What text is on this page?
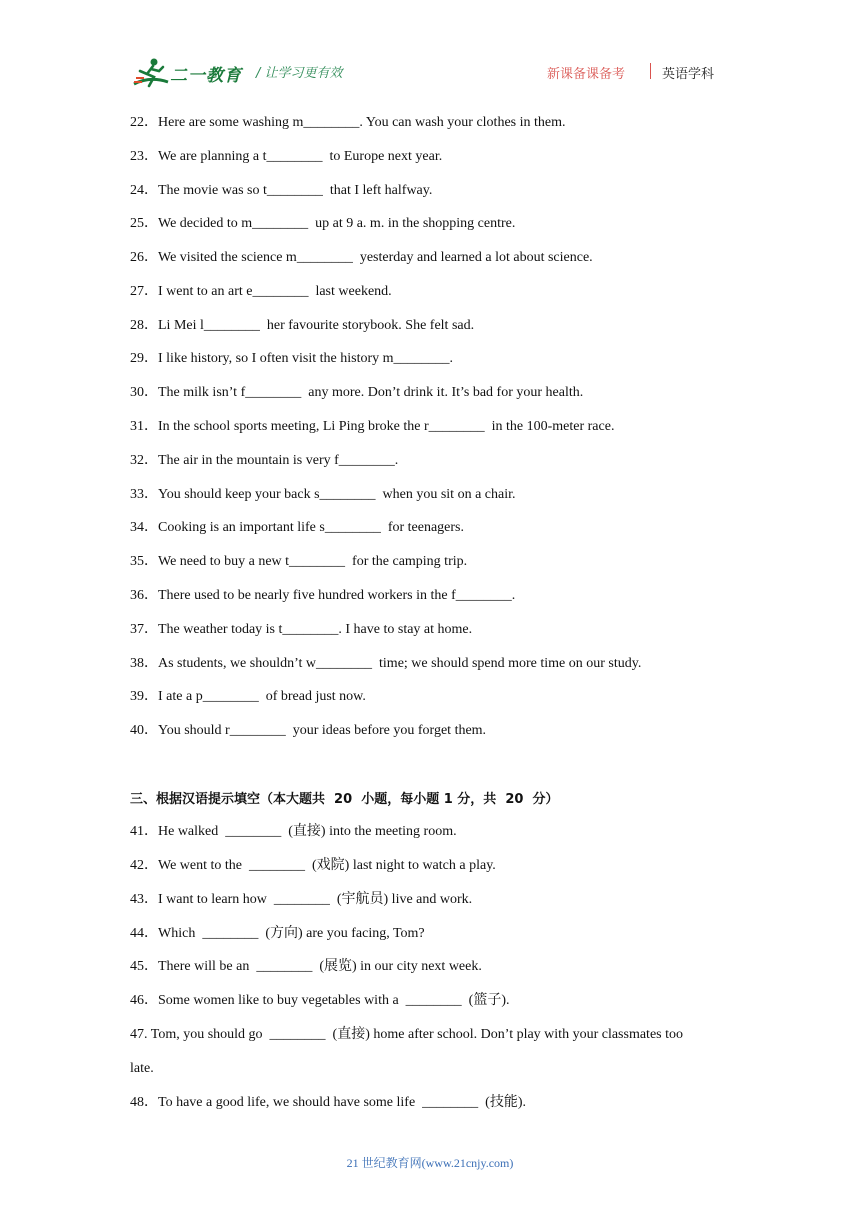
二一教育 / 让学习更有效	新课备课备考	英语学科
22．Here are some washing m________. You can wash your clothes in them.
23．We are planning a t________  to Europe next year.
24．The movie was so t________  that I left halfway.
25．We decided to m________  up at 9 a. m. in the shopping centre.
26．We visited the science m________  yesterday and learned a lot about science.
27．I went to an art e________  last weekend.
28．Li Mei l________  her favourite storybook. She felt sad.
29．I like history, so I often visit the history m________.
30．The milk isn’t f________  any more. Don’t drink it. It’s bad for your health.
31．In the school sports meeting, Li Ping broke the r________  in the 100-meter race.
32．The air in the mountain is very f________.
33．You should keep your back s________  when you sit on a chair.
34．Cooking is an important life s________  for teenagers.
35．We need to buy a new t________  for the camping trip.
36．There used to be nearly five hundred workers in the f________.
37．The weather today is t________. I have to stay at home.
38．As students, we shouldn’t w________  time; we should spend more time on our study.
39．I ate a p________  of bread just now.
40．You should r________  your ideas before you forget them.
三、根据汉语提示填空（本大题共  20  小题，每小题 1 分，共  20  分）
41．He walked  ________  (直接) into the meeting room.
42．We went to the  ________  (戏院) last night to watch a play.
43．I want to learn how  ________  (宇航员) live and work.
44．Which  ________  (方向) are you facing, Tom?
45．There will be an  ________  (展览) in our city next week.
46．Some women like to buy vegetables with a  ________  (篮子).
47. Tom, you should go  ________  (直接) home after school. Don’t play with your classmates too
late.
48．To have a good life, we should have some life  ________  (技能).
21 世纪教育网(www.21cnjy.com)
